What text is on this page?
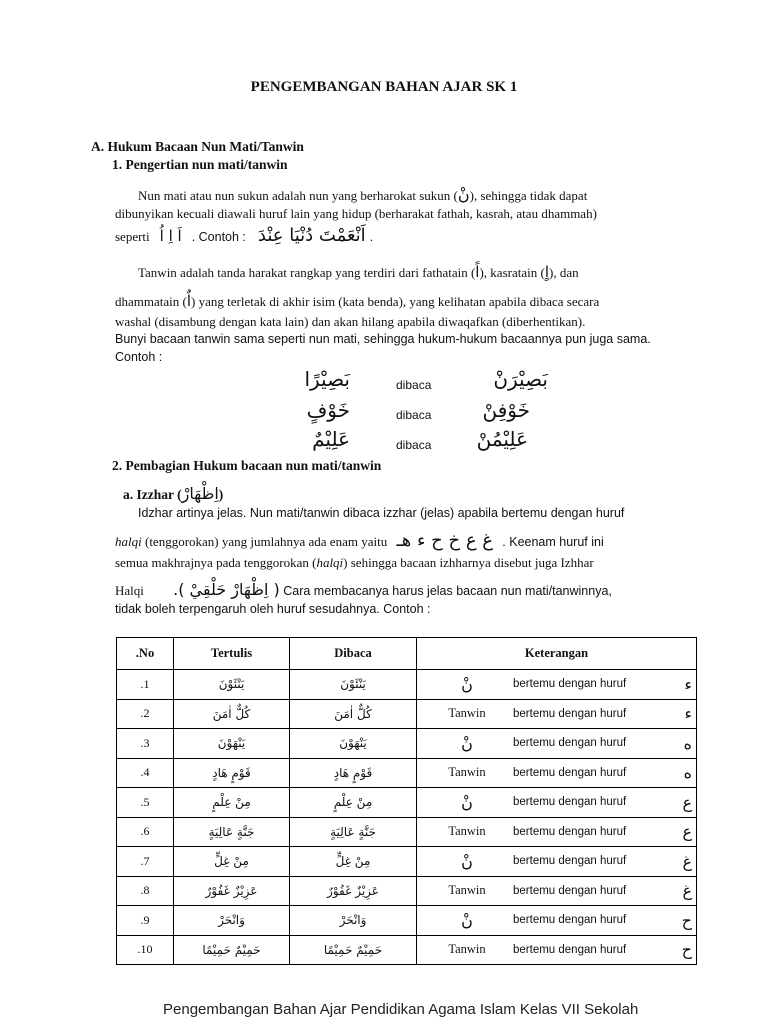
PENGEMBANGAN BAHAN AJAR SK 1
A. Hukum Bacaan Nun Mati/Tanwin
1. Pengertian nun mati/tanwin
Nun mati atau nun sukun adalah nun yang berharokat sukun (نْ), sehingga tidak dapat
dibunyikan kecuali diawali huruf lain yang hidup (berharakat fathah, kasrah, atau dhammah)
seperti اَ اِ اُ . Contoh : اَنْعَمْتَ دُنْيَا عِنْدَ .
Tanwin adalah tanda harakat rangkap yang terdiri dari fathatain (اً), kasratain (اٍ), dan
dhammatain (اٌ) yang terletak di akhir isim (kata benda), yang kelihatan apabila dibaca secara
washal (disambung dengan kata lain) dan akan hilang apabila diwaqafkan (diberhentikan).
Bunyi bacaan tanwin sama seperti nun mati, sehingga hukum-hukum bacaannya pun juga sama.
Contoh :
بَصِيْرًا	dibaca	بَصِيْرَنْ
خَوْفٍ	dibaca	خَوْفِنْ
عَلِيْمٌ	dibaca	عَلِيْمُنْ
2. Pembagian Hukum bacaan nun mati/tanwin
a. Izzhar (اِظْهَارْ)
Idzhar artinya jelas. Nun mati/tanwin dibaca izzhar (jelas) apabila bertemu dengan huruf
halqi (tenggorokan) yang jumlahnya ada enam yaitu غ ع خ ح ء هـ . Keenam huruf ini
semua makhrajnya pada tenggorokan (halqi) sehingga bacaan izhharnya disebut juga Izhhar
Halqi ( اِظْهَارْ حَلْقِيْ ). Cara membacanya harus jelas bacaan nun mati/tanwinnya,
tidak boleh terpengaruh oleh huruf sesudahnya. Contoh :
.No	Tertulis	Dibaca	Keterangan
.1	يَنْئَوْنَ	يَنْئَوْنَ	نْ bertemu dengan huruf ء

.2	كُلٌّ اٰمَنَ	كُلٌّ اٰمَنَ	Tanwin bertemu dengan huruf ء

.3	يَنْهَوْنَ	يَنْهَوْنَ	نْ bertemu dengan huruf ه

.4	قَوْمٍ هَادٍ	قَوْمٍ هَادٍ	Tanwin bertemu dengan huruf ه

.5	مِنْ عِلْمٍ	مِنْ عِلْمٍ	نْ bertemu dengan huruf ع

.6	جَنَّةٍ عَالِيَةٍ	جَنَّةٍ عَالِيَةٍ	Tanwin bertemu dengan huruf ع

.7	مِنْ غِلٍّ	مِنْ غِلٍّ	نْ bertemu dengan huruf غ

.8	عَزِيْزٌ غَفُوْرٌ	عَزِيْزٌ غَفُوْرٌ	Tanwin bertemu dengan huruf غ

.9	وَانْحَرْ	وَانْحَرْ	نْ bertemu dengan huruf ح

.10	حَمِيْمٌ حَمِيْمًا	حَمِيْمٌ حَمِيْمًا	Tanwin bertemu dengan huruf ح
Pengembangan Bahan Ajar Pendidikan Agama Islam Kelas VII Sekolah
